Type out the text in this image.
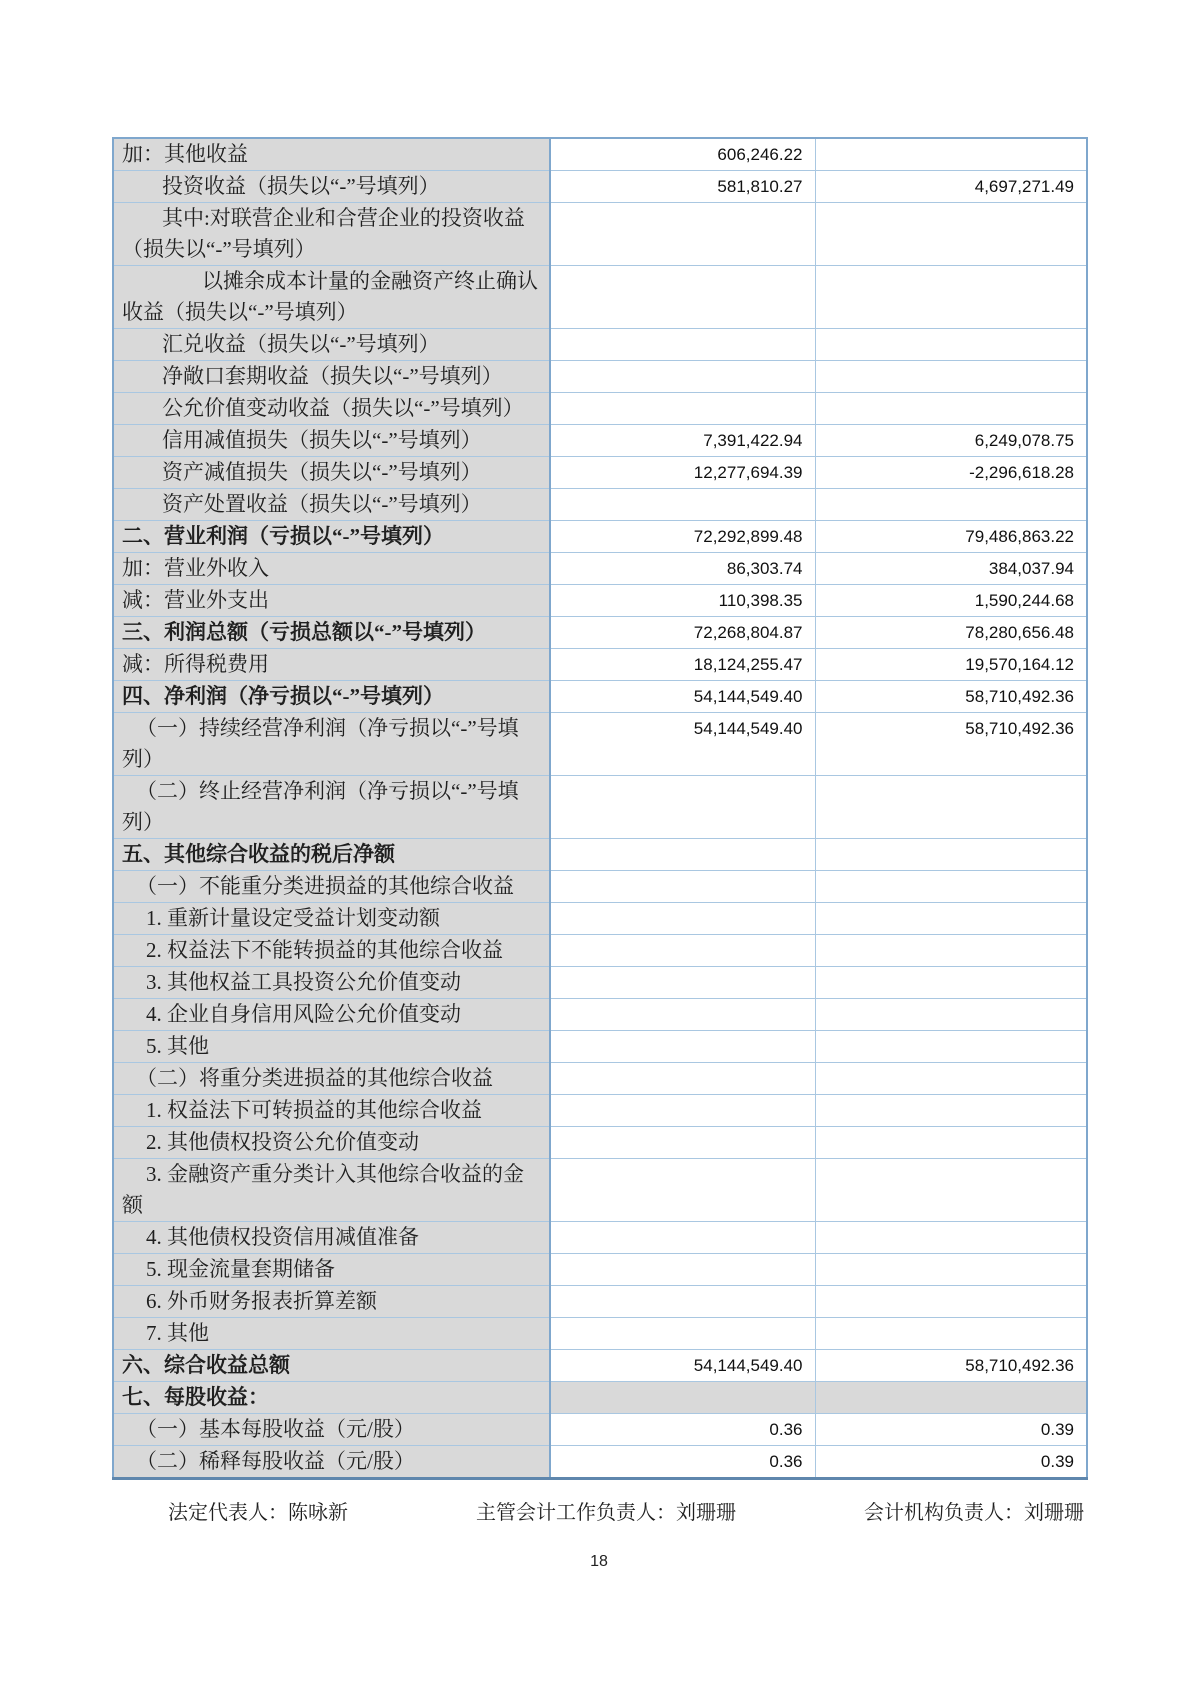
加：其他收益	606,246.22	
投资收益（损失以“-”号填列）	581,810.27	4,697,271.49
其中:对联营企业和合营企业的投资收益（损失以“-”号填列）		
以摊余成本计量的金融资产终止确认收益（损失以“-”号填列）		
汇兑收益（损失以“-”号填列）		
净敞口套期收益（损失以“-”号填列）		
公允价值变动收益（损失以“-”号填列）		
信用减值损失（损失以“-”号填列）	7,391,422.94	6,249,078.75
资产减值损失（损失以“-”号填列）	12,277,694.39	-2,296,618.28
资产处置收益（损失以“-”号填列）		
二、营业利润（亏损以“-”号填列）	72,292,899.48	79,486,863.22
加：营业外收入	86,303.74	384,037.94
减：营业外支出	110,398.35	1,590,244.68
三、利润总额（亏损总额以“-”号填列）	72,268,804.87	78,280,656.48
减：所得税费用	18,124,255.47	19,570,164.12
四、净利润（净亏损以“-”号填列）	54,144,549.40	58,710,492.36
（一）持续经营净利润（净亏损以“-”号填列）	54,144,549.40	58,710,492.36
（二）终止经营净利润（净亏损以“-”号填列）		
五、其他综合收益的税后净额		
（一）不能重分类进损益的其他综合收益		
1. 重新计量设定受益计划变动额		
2. 权益法下不能转损益的其他综合收益		
3. 其他权益工具投资公允价值变动		
4. 企业自身信用风险公允价值变动		
5. 其他		
（二）将重分类进损益的其他综合收益		
1. 权益法下可转损益的其他综合收益		
2. 其他债权投资公允价值变动		
3. 金融资产重分类计入其他综合收益的金额		
4. 其他债权投资信用减值准备		
5. 现金流量套期储备		
6. 外币财务报表折算差额		
7. 其他		
六、综合收益总额	54,144,549.40	58,710,492.36
七、每股收益：		
（一）基本每股收益（元/股）	0.36	0.39
（二）稀释每股收益（元/股）	0.36	0.39
法定代表人：陈咏新	主管会计工作负责人：刘珊珊	会计机构负责人：刘珊珊
18
